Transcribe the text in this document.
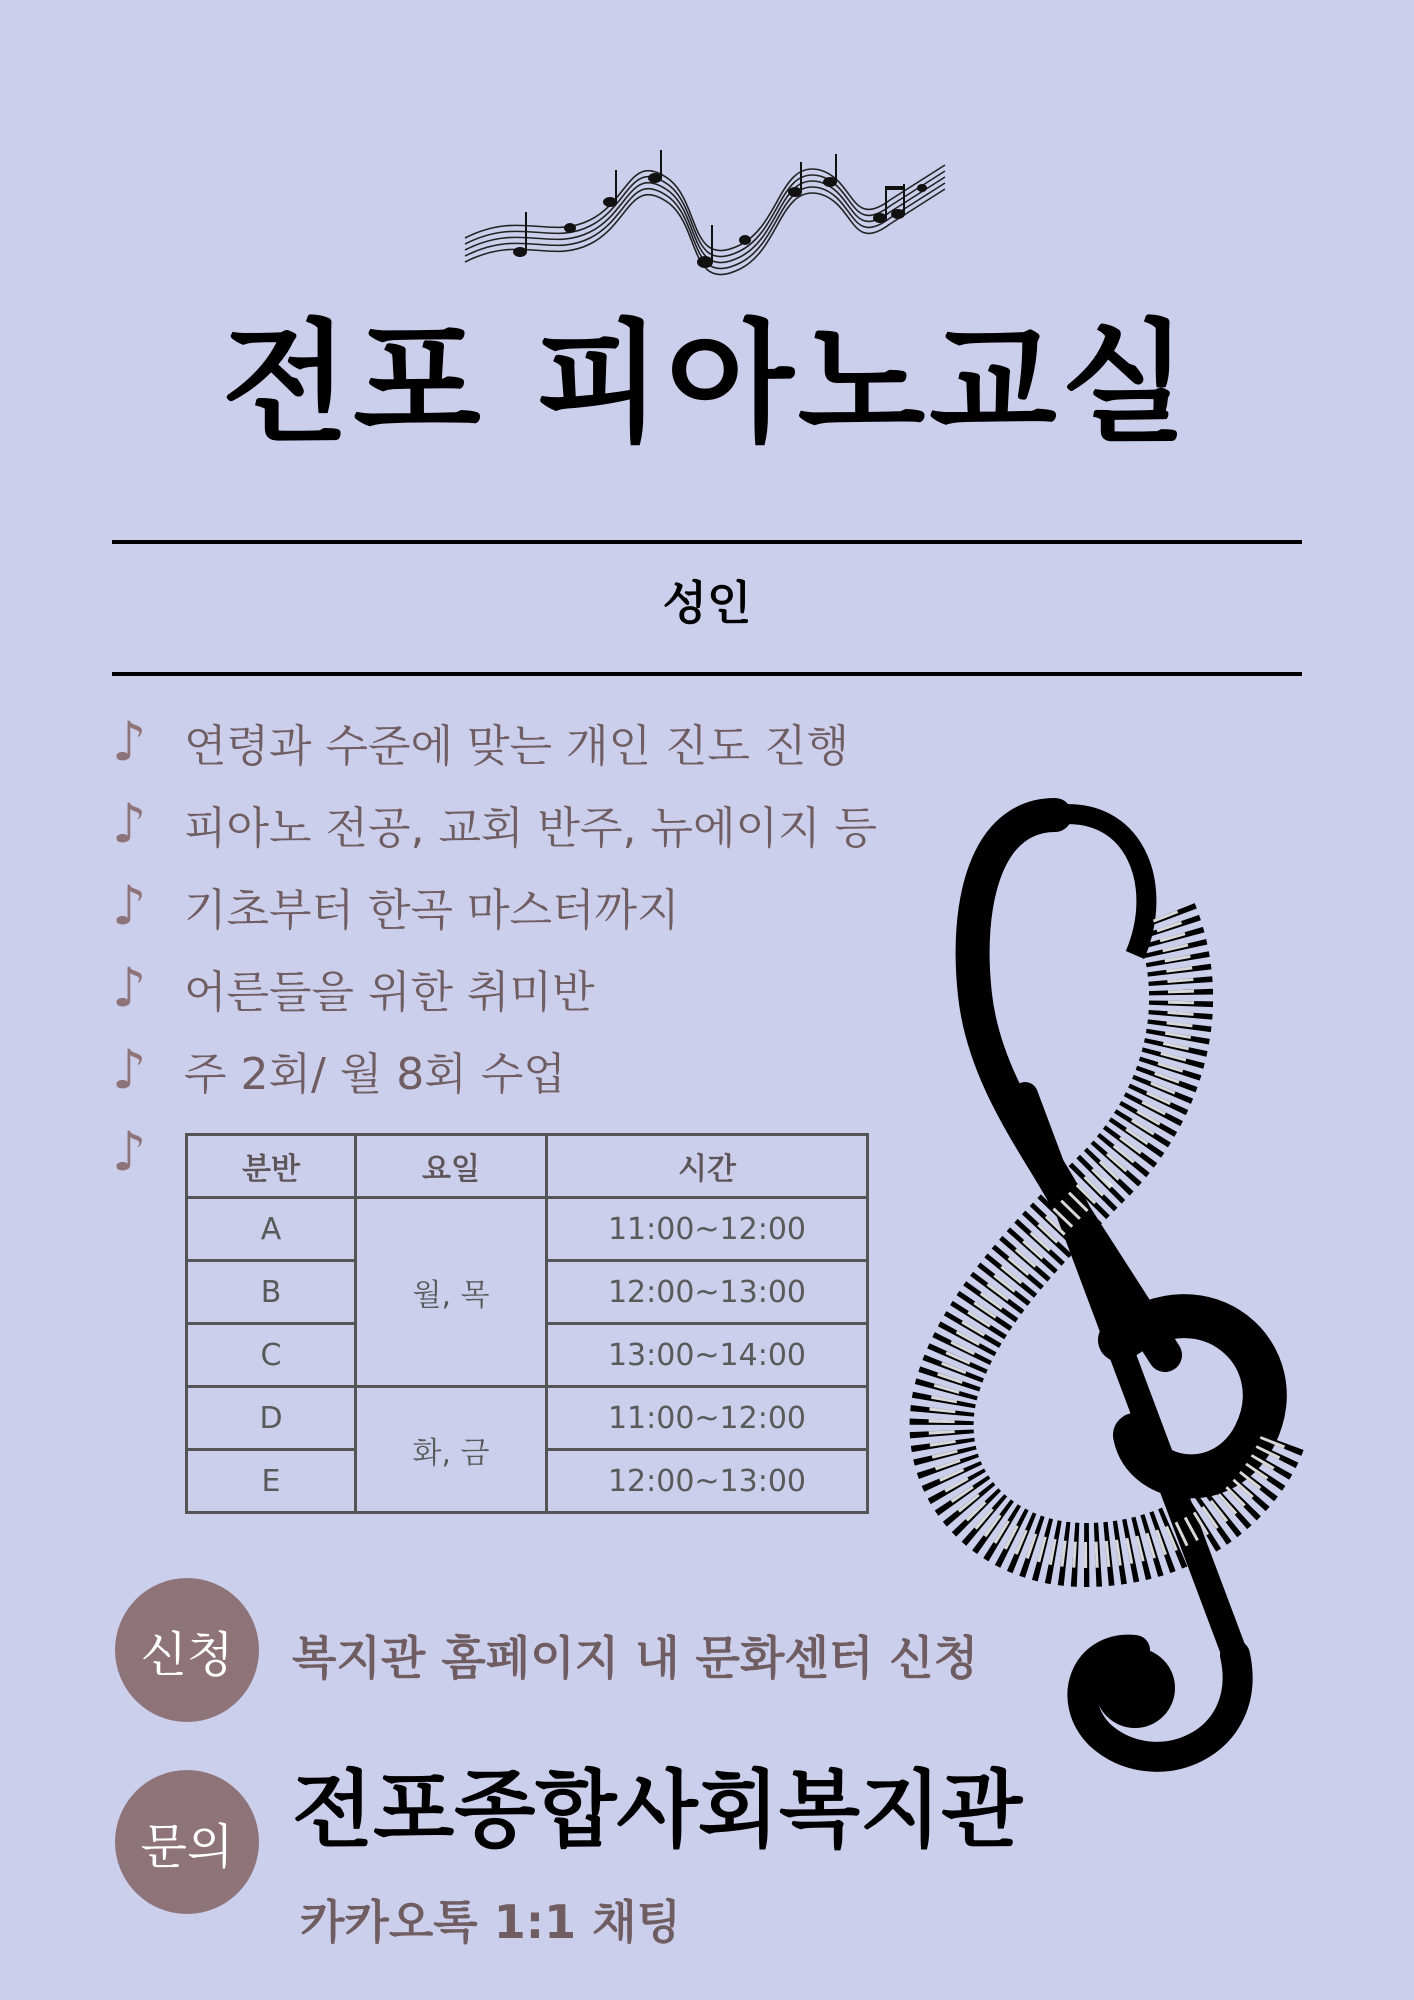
전포 피아노교실
성인
♪ 연령과 수준에 맞는 개인 진도 진행
♪ 피아노 전공, 교회 반주, 뉴에이지 등
♪ 기초부터 한곡 마스터까지
♪ 어른들을 위한 취미반
♪ 주 2회/ 월 8회 수업
♪	분반	요일	시간
A	월, 목	11:00~12:00
B		12:00~13:00
C		13:00~14:00
D	화, 금	11:00~12:00
E		12:00~13:00
신청	복지관 홈페이지 내 문화센터 신청
문의 전포종합사회복지관
카카오톡 1:1 채팅
